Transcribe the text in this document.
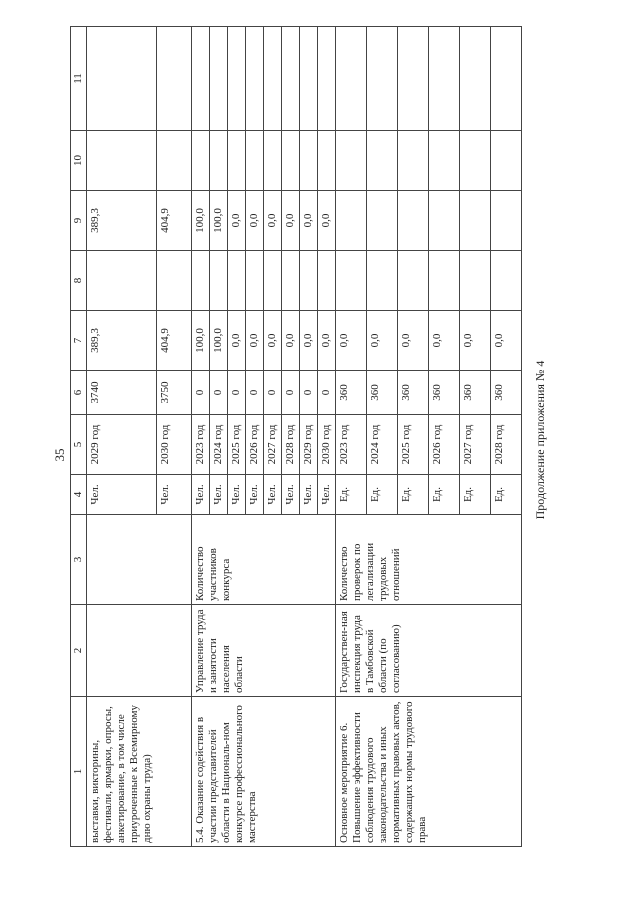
35	Продолжение приложения № 4
1	2	3	4	5	6	7	8	9	10	11
выставки, викторины, фестивали, ярмарки, опросы, анкетирование, в том числе приуроченные к Всемирному дню охраны труда)			Чел.	2029 год	3740	389,3		389,3		
			Чел.	2030 год	3750	404,9		404,9		
5.4. Оказание содействия в участии представителей области в Националь-ном конкурсе профессионального мастерства	Управление труда и занятости населения области	Количество участников конкурса	Чел.	2023 год	0	100,0		100,0		
			Чел.	2024 год	0	100,0		100,0		
			Чел.	2025 год	0	0,0		0,0		
			Чел.	2026 год	0	0,0		0,0		
			Чел.	2027 год	0	0,0		0,0		
			Чел.	2028 год	0	0,0		0,0		
			Чел.	2029 год	0	0,0		0,0		
			Чел.	2030 год	0	0,0		0,0		
Основное мероприятие 6. Повышение эффективности соблюдения трудового законодательства и иных нормативных правовых актов, содержащих нормы трудового права	Государствен-ная инспекция труда в Тамбовской области (по согласованию)	Количество проверок по легализации трудовых отношений	Ед.	2023 год	360	0,0				
			Ед.	2024 год	360	0,0				
			Ед.	2025 год	360	0,0				
			Ед.	2026 год	360	0,0				
			Ед.	2027 год	360	0,0				
			Ед.	2028 год	360	0,0				
